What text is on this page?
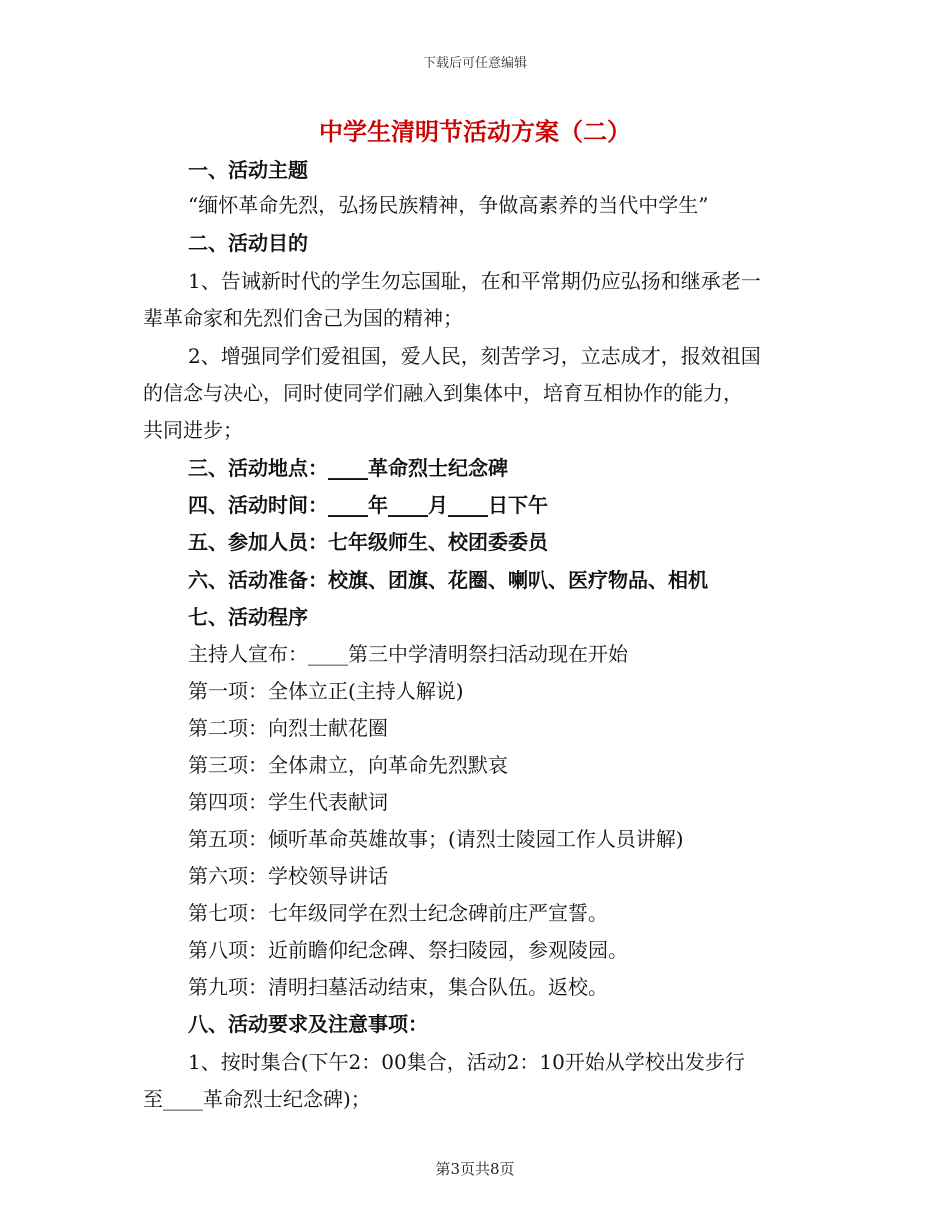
下载后可任意编辑
中学生清明节活动方案（二）
一、活动主题
“缅怀革命先烈，弘扬民族精神，争做高素养的当代中学生”
二、活动目的
1、告诫新时代的学生勿忘国耻，在和平常期仍应弘扬和继承老一
辈革命家和先烈们舍己为国的精神；
2、增强同学们爱祖国，爱人民，刻苦学习，立志成才，报效祖国
的信念与决心，同时使同学们融入到集体中，培育互相协作的能力，
共同进步；
三、活动地点：____革命烈士纪念碑
四、活动时间：____年____月____日下午
五、参加人员：七年级师生、校团委委员
六、活动准备：校旗、团旗、花圈、喇叭、医疗物品、相机
七、活动程序
主持人宣布：____第三中学清明祭扫活动现在开始
第一项：全体立正(主持人解说)
第二项：向烈士献花圈
第三项：全体肃立，向革命先烈默哀
第四项：学生代表献词
第五项：倾听革命英雄故事；(请烈士陵园工作人员讲解)
第六项：学校领导讲话
第七项：七年级同学在烈士纪念碑前庄严宣誓。
第八项：近前瞻仰纪念碑、祭扫陵园，参观陵园。
第九项：清明扫墓活动结束，集合队伍。返校。
八、活动要求及注意事项：
1、按时集合(下午2：00集合，活动2：10开始从学校出发步行
至____革命烈士纪念碑)；
第3页共8页
